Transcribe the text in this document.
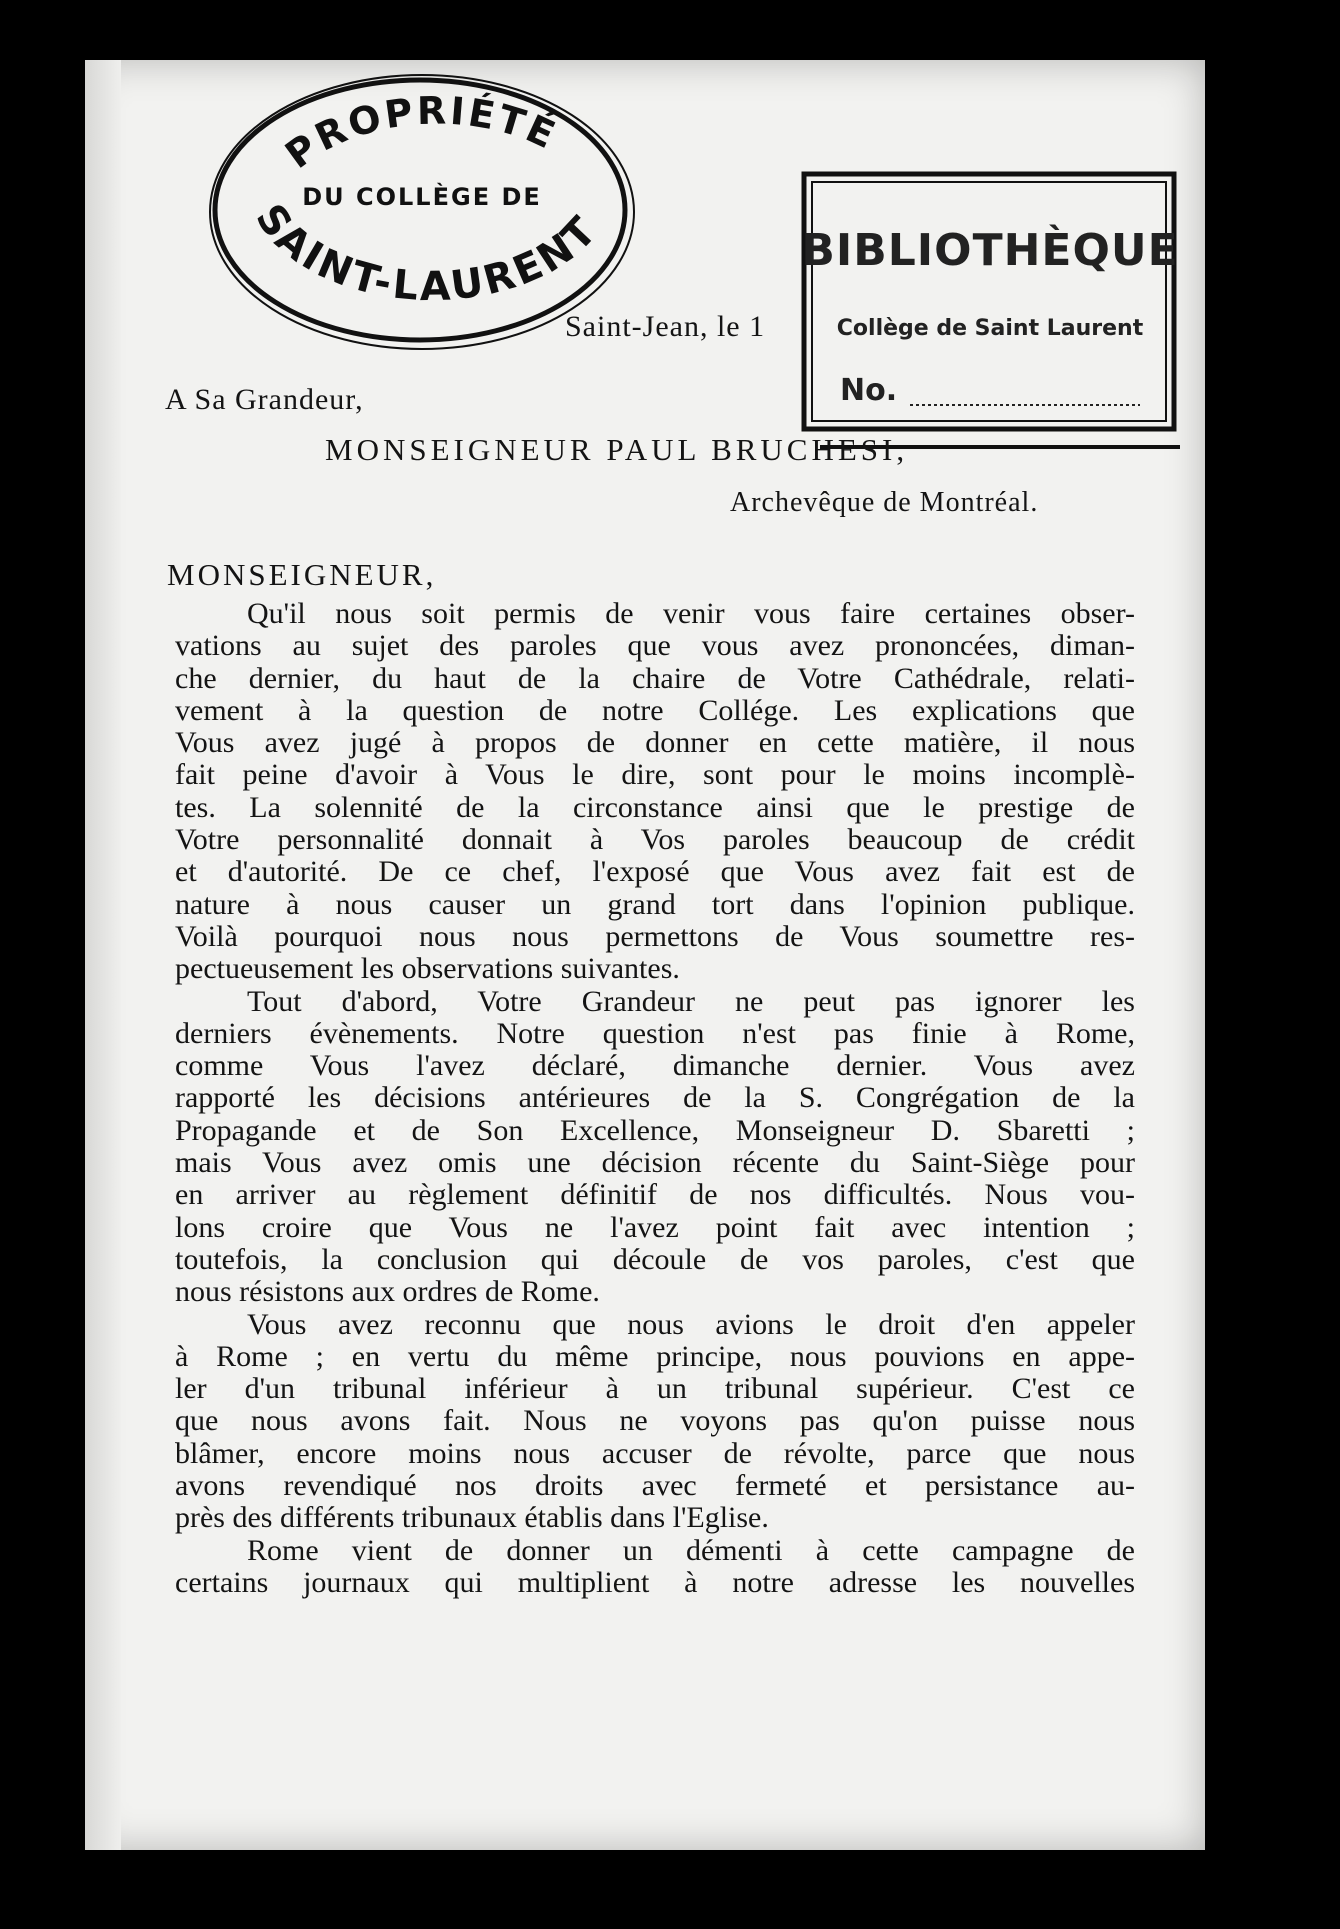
PROPRIÉTÉ
DU COLLÈGE DE
SAINT-LAURENT	BIBLIOTHÈQUE
Collège de Saint Laurent
No.
Saint-Jean, le 1
A Sa Grandeur,
MONSEIGNEUR PAUL BRUCHESI,
Archevêque de Montréal.
MONSEIGNEUR,
Qu'il nous soit permis de venir vous faire certaines obser-
vations au sujet des paroles que vous avez prononcées, diman-
che dernier, du haut de la chaire de Votre Cathédrale, relati-
vement à la question de notre Collége. Les explications que
Vous avez jugé à propos de donner en cette matière, il nous
fait peine d'avoir à Vous le dire, sont pour le moins incomplè-
tes. La solennité de la circonstance ainsi que le prestige de
Votre personnalité donnait à Vos paroles beaucoup de crédit
et d'autorité. De ce chef, l'exposé que Vous avez fait est de
nature à nous causer un grand tort dans l'opinion publique.
Voilà pourquoi nous nous permettons de Vous soumettre res-
pectueusement les observations suivantes.
Tout d'abord, Votre Grandeur ne peut pas ignorer les
derniers évènements. Notre question n'est pas finie à Rome,
comme Vous l'avez déclaré, dimanche dernier. Vous avez
rapporté les décisions antérieures de la S. Congrégation de la
Propagande et de Son Excellence, Monseigneur D. Sbaretti ;
mais Vous avez omis une décision récente du Saint-Siège pour
en arriver au règlement définitif de nos difficultés. Nous vou-
lons croire que Vous ne l'avez point fait avec intention ;
toutefois, la conclusion qui découle de vos paroles, c'est que
nous résistons aux ordres de Rome.
Vous avez reconnu que nous avions le droit d'en appeler
à Rome ; en vertu du même principe, nous pouvions en appe-
ler d'un tribunal inférieur à un tribunal supérieur. C'est ce
que nous avons fait. Nous ne voyons pas qu'on puisse nous
blâmer, encore moins nous accuser de révolte, parce que nous
avons revendiqué nos droits avec fermeté et persistance au-
près des différents tribunaux établis dans l'Eglise.
Rome vient de donner un démenti à cette campagne de
certains journaux qui multiplient à notre adresse les nouvelles
